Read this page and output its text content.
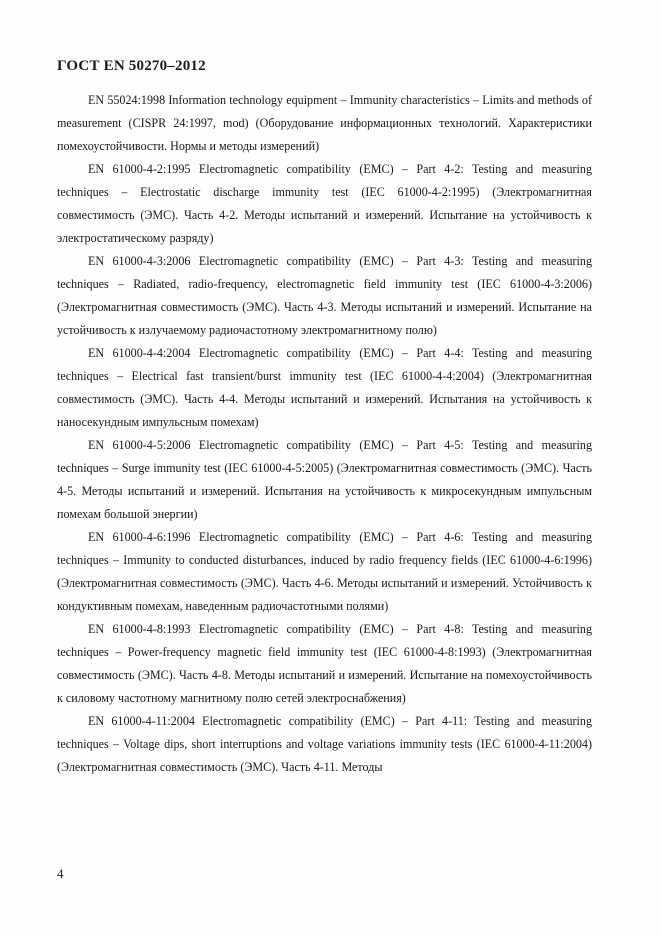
ГОСТ EN 50270–2012

EN 55024:1998 Information technology equipment – Immunity characteristics – Limits and methods of measurement (CISPR 24:1997, mod) (Оборудование информационных технологий. Характеристики помехоустойчивости. Нормы и методы измерений)

EN 61000-4-2:1995 Electromagnetic compatibility (EMC) – Part 4-2: Testing and measuring techniques – Electrostatic discharge immunity test (IEC 61000-4-2:1995) (Электромагнитная совместимость (ЭМС). Часть 4-2. Методы испытаний и измерений. Испытание на устойчивость к электростатическому разряду)

EN 61000-4-3:2006 Electromagnetic compatibility (EMC) – Part 4-3: Testing and measuring techniques – Radiated, radio-frequency, electromagnetic field immunity test (IEC 61000-4-3:2006) (Электромагнитная совместимость (ЭМС). Часть 4-3. Методы испытаний и измерений. Испытание на устойчивость к излучаемому радиочастотному электромагнитному полю)

EN 61000-4-4:2004 Electromagnetic compatibility (EMC) – Part 4-4: Testing and measuring techniques – Electrical fast transient/burst immunity test (IEC 61000-4-4:2004) (Электромагнитная совместимость (ЭМС). Часть 4-4. Методы испытаний и измерений. Испытания на устойчивость к наносекундным импульсным помехам)

EN 61000-4-5:2006 Electromagnetic compatibility (EMC) – Part 4-5: Testing and measuring techniques – Surge immunity test (IEC 61000-4-5:2005) (Электромагнитная совместимость (ЭМС). Часть 4-5. Методы испытаний и измерений. Испытания на устойчивость к микросекундным импульсным помехам большой энергии)

EN 61000-4-6:1996 Electromagnetic compatibility (EMC) – Part 4-6: Testing and measuring techniques – Immunity to conducted disturbances, induced by radio frequency fields (IEC 61000-4-6:1996) (Электромагнитная совместимость (ЭМС). Часть 4-6. Методы испытаний и измерений. Устойчивость к кондуктивным помехам, наведенным радиочастотными полями)

EN 61000-4-8:1993 Electromagnetic compatibility (EMC) – Part 4-8: Testing and measuring techniques – Power-frequency magnetic field immunity test (IEC 61000-4-8:1993) (Электромагнитная совместимость (ЭМС). Часть 4-8. Методы испытаний и измерений. Испытание на помехоустойчивость к силовому частотному магнитному полю сетей электроснабжения)

EN 61000-4-11:2004 Electromagnetic compatibility (EMC) – Part 4-11: Testing and measuring techniques – Voltage dips, short interruptions and voltage variations immunity tests (IEC 61000-4-11:2004) (Электромагнитная совместимость (ЭМС). Часть 4-11. Методы

4
